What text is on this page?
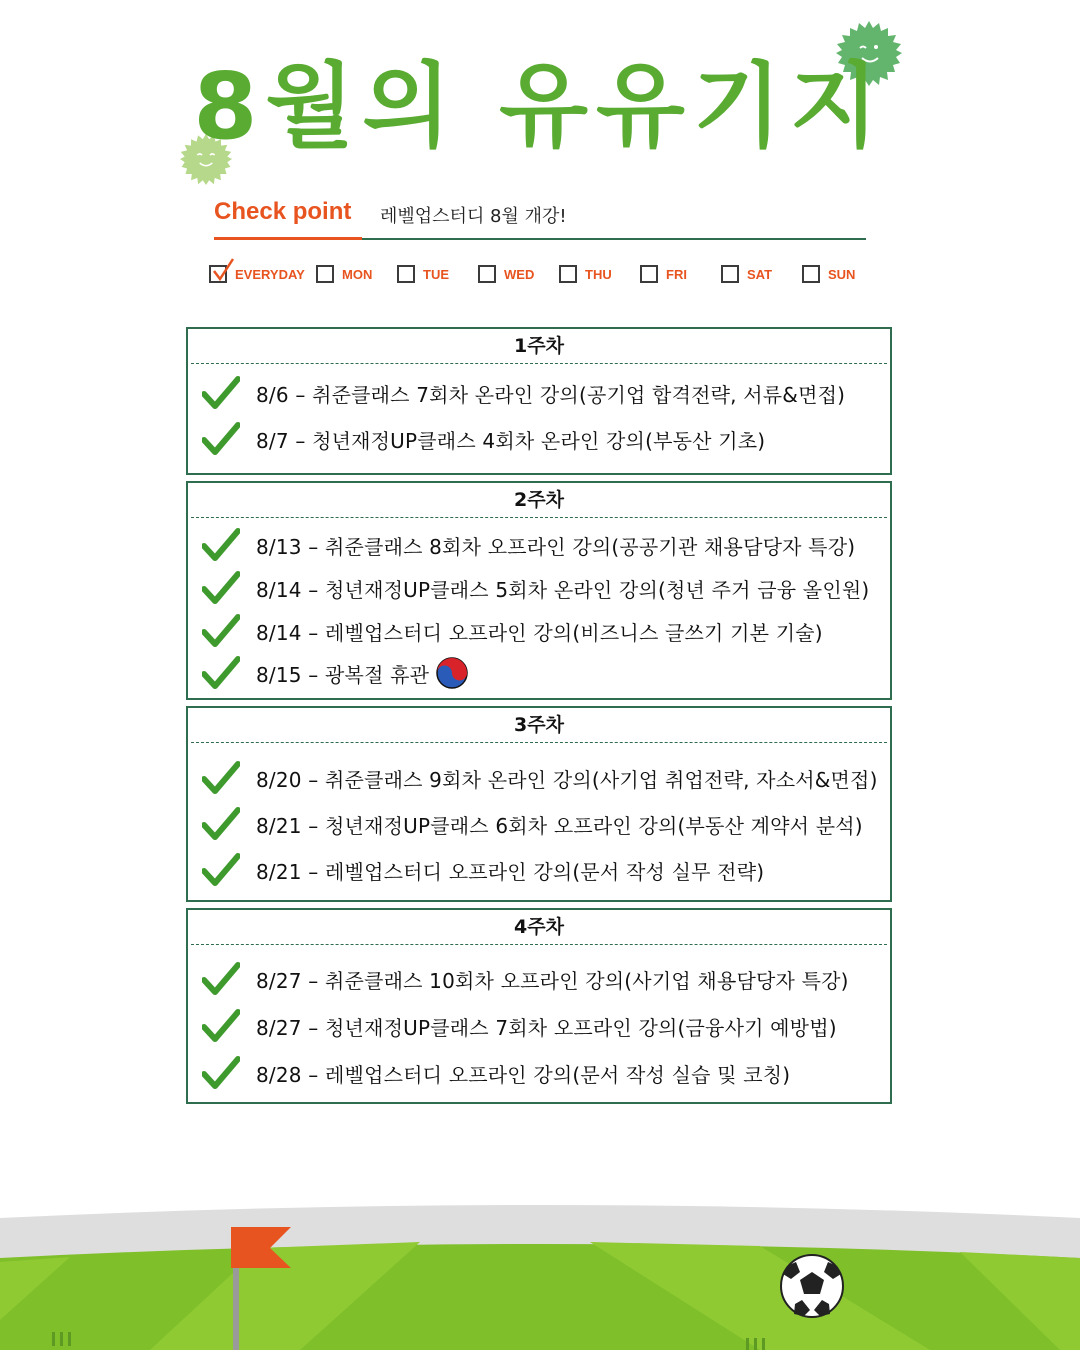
8월의 유유기지
Check point 레벨업스터디 8월 개강!
EVERYDAY	MON	TUE	WED	THU	FRI	SAT	SUN
1주차
8/6 – 취준클래스 7회차 온라인 강의(공기업 합격전략, 서류&면접)
8/7 – 청년재정UP클래스 4회차 온라인 강의(부동산 기초)
2주차
8/13 – 취준클래스 8회차 오프라인 강의(공공기관 채용담당자 특강)
8/14 – 청년재정UP클래스 5회차 온라인 강의(청년 주거 금융 올인원)
8/14 – 레벨업스터디 오프라인 강의(비즈니스 글쓰기 기본 기술)
8/15 – 광복절 휴관
3주차
8/20 – 취준클래스 9회차 온라인 강의(사기업 취업전략, 자소서&면접)
8/21 – 청년재정UP클래스 6회차 오프라인 강의(부동산 계약서 분석)
8/21 – 레벨업스터디 오프라인 강의(문서 작성 실무 전략)
4주차
8/27 – 취준클래스 10회차 오프라인 강의(사기업 채용담당자 특강)
8/27 – 청년재정UP클래스 7회차 오프라인 강의(금융사기 예방법)
8/28 – 레벨업스터디 오프라인 강의(문서 작성 실습 및 코칭)
